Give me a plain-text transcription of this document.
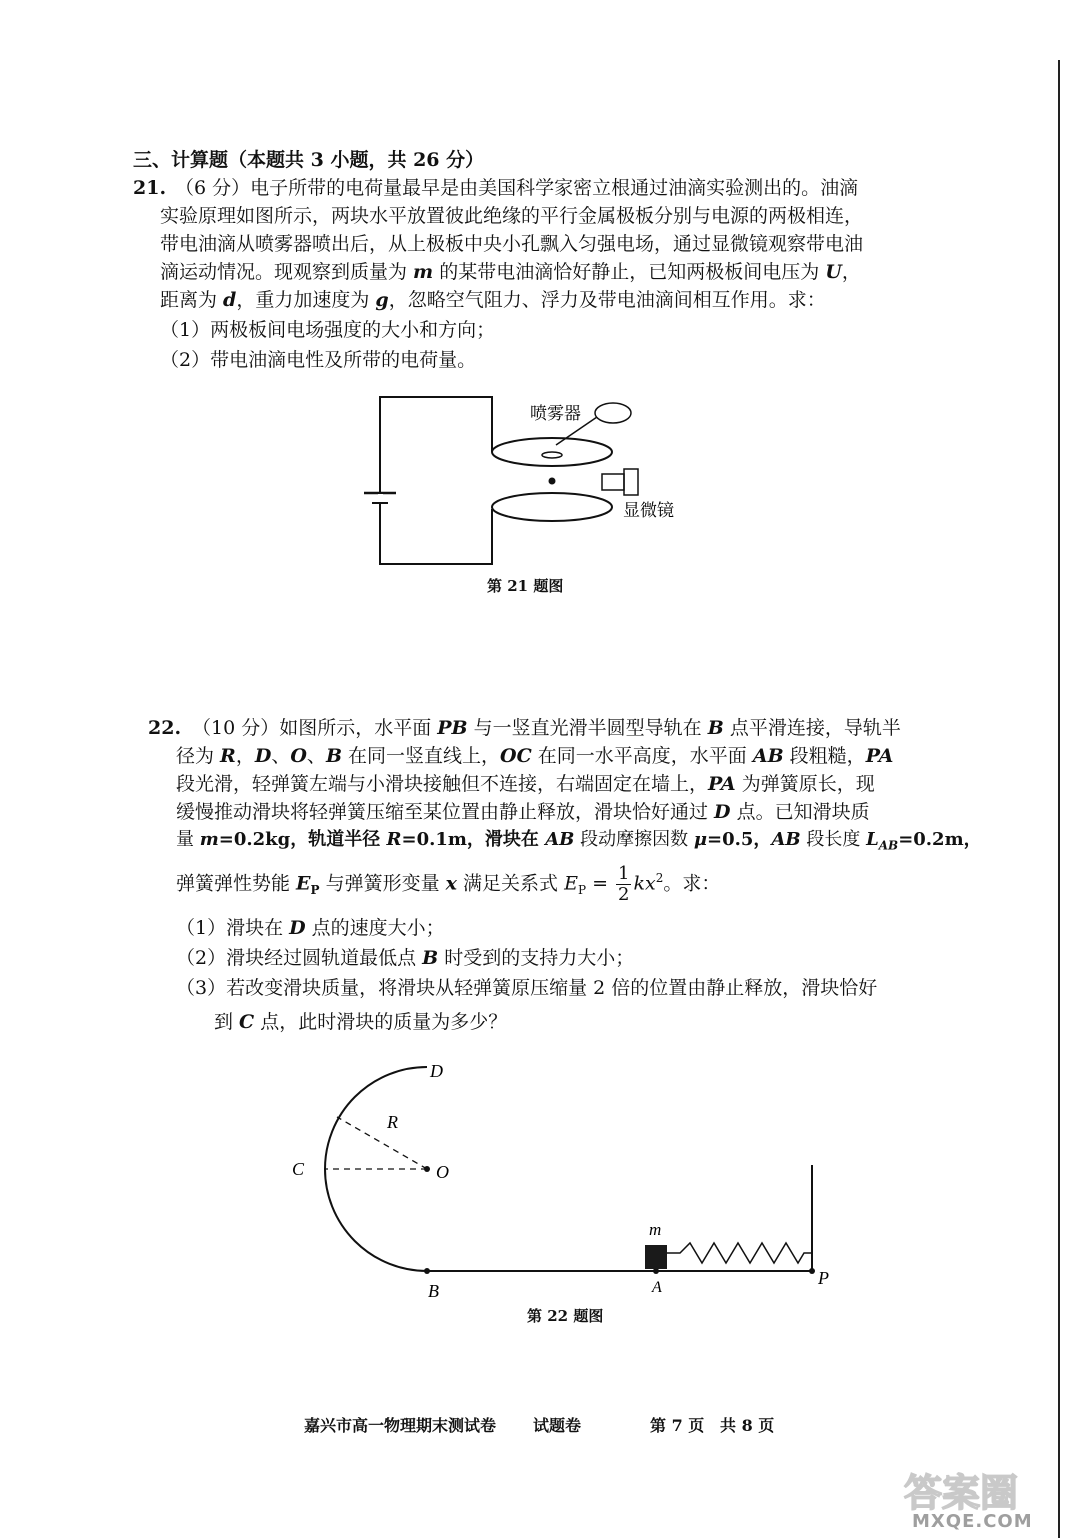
三、计算题（本题共 3 小题，共 26 分）
21. （6 分）电子所带的电荷量最早是由美国科学家密立根通过油滴实验测出的。油滴
实验原理如图所示，两块水平放置彼此绝缘的平行金属极板分别与电源的两极相连，
带电油滴从喷雾器喷出后，从上极板中央小孔飘入匀强电场，通过显微镜观察带电油
滴运动情况。现观察到质量为 m 的某带电油滴恰好静止，已知两极板间电压为 U，
距离为 d，重力加速度为 g，忽略空气阻力、浮力及带电油滴间相互作用。求：
（1）两极板间电场强度的大小和方向；
（2）带电油滴电性及所带的电荷量。
喷雾器
显微镜
第 21 题图
22. （10 分）如图所示，水平面 PB 与一竖直光滑半圆型导轨在 B 点平滑连接，导轨半
径为 R，D、O、B 在同一竖直线上，OC 在同一水平高度，水平面 AB 段粗糙，PA
段光滑，轻弹簧左端与小滑块接触但不连接，右端固定在墙上，PA 为弹簧原长，现
缓慢推动滑块将轻弹簧压缩至某位置由静止释放，滑块恰好通过 D 点。已知滑块质
量 m=0.2kg，轨道半径 R=0.1m，滑块在 AB 段动摩擦因数 μ=0.5，AB 段长度 $L_{AB}=0.2m$，
弹簧弹性势能 $E_P$ 与弹簧形变量 x 满足关系式 $E_P = \frac{1}{2} kx^2$。求：
（1）滑块在 D 点的速度大小；
（2）滑块经过圆轨道最低点 B 时受到的支持力大小；
（3）若改变滑块质量，将滑块从轻弹簧原压缩量 2 倍的位置由静止释放，滑块恰好
到 C 点，此时滑块的质量为多少？
D
R
C	O
m
B	A	P
第 22 题图
嘉兴市高一物理期末测试卷 试题卷	第 7 页 共 8 页
答案圈
MXQE.COM
